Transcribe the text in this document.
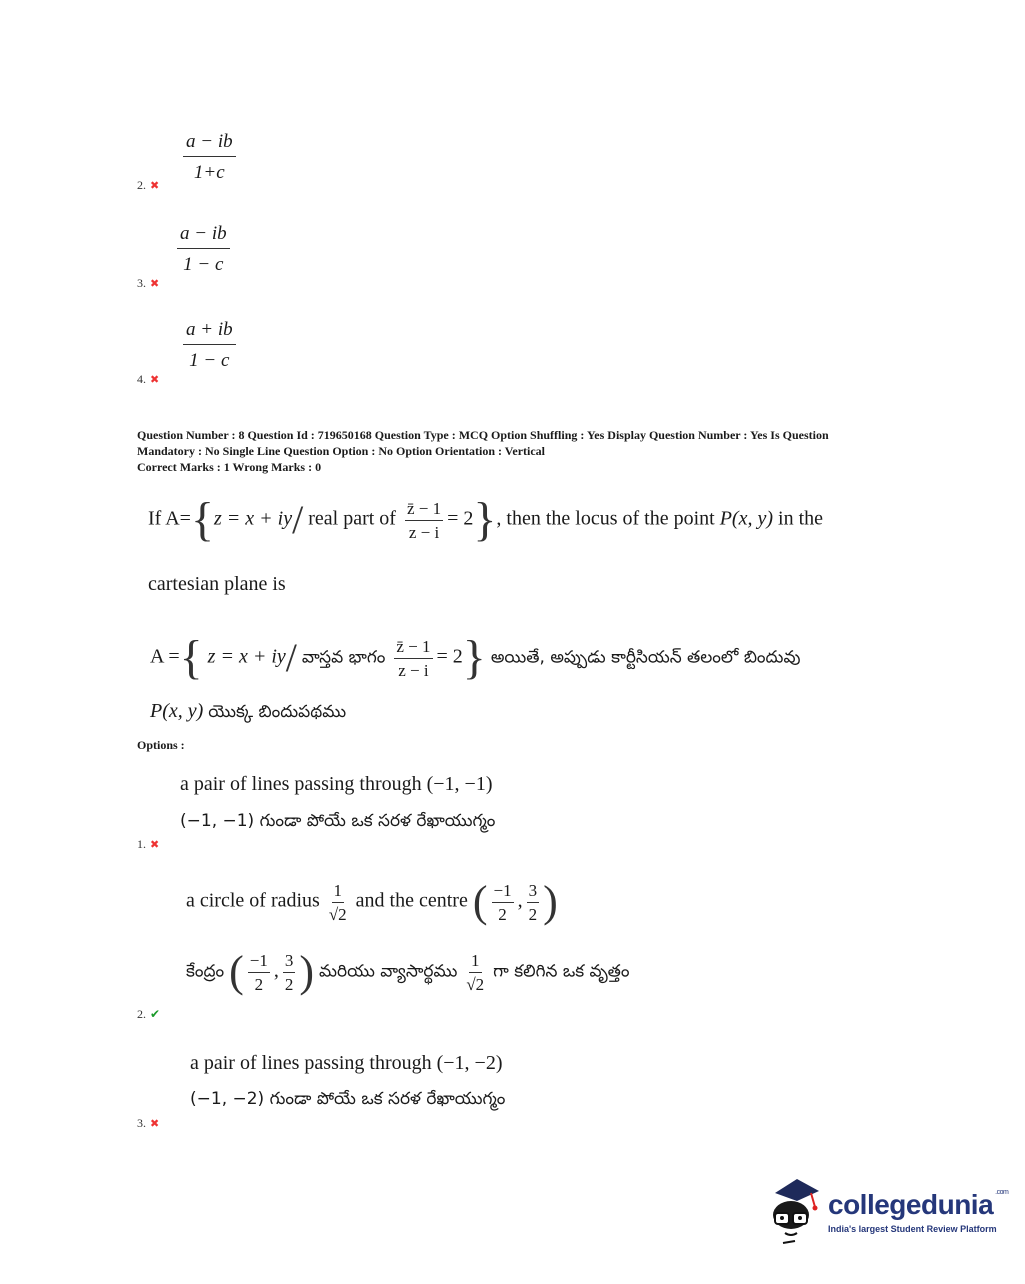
$\frac{a - ib}{1+c}$
2. ✖
$\frac{a - ib}{1 - c}$
3. ✖
$\frac{a + ib}{1 - c}$
4. ✖
Question Number : 8 Question Id : 719650168 Question Type : MCQ Option Shuffling : Yes Display Question Number : Yes Is Question
Mandatory : No Single Line Question Option : No Option Orientation : Vertical
Correct Marks : 1 Wrong Marks : 0
If A={z = x + iy/ real part of $\frac{z̄ - 1}{z - i} = 2$}, then the locus of the point P(x, y) in the
cartesian plane is
A ={ z = x + iy/ వాస్తవ భాగం $\frac{z̄ - 1}{z - i} = 2$} అయితే, అప్పుడు కార్టీసియన్ తలంలో బిందువు
P(x, y) యొక్క బిందుపథము
Options :
a pair of lines passing through (−1, −1)
(−1, −1) గుండా పోయే ఒక సరళ రేఖాయుగ్మం
1. ✖
a circle of radius $\frac{1}{√2}$ and the centre ( $\frac{-1}{2}$ , $\frac{3}{2}$ )
కేంద్రం ( $\frac{-1}{2}$ , $\frac{3}{2}$ ) మరియు వ్యాసార్థము $\frac{1}{√2}$ గా కలిగిన ఒక వృత్తం
2. ✔
a pair of lines passing through (−1, −2)
(−1, −2) గుండా పోయే ఒక సరళ రేఖాయుగ్మం
3. ✖
collegedunia $^{.com}$
India's largest Student Review Platform
